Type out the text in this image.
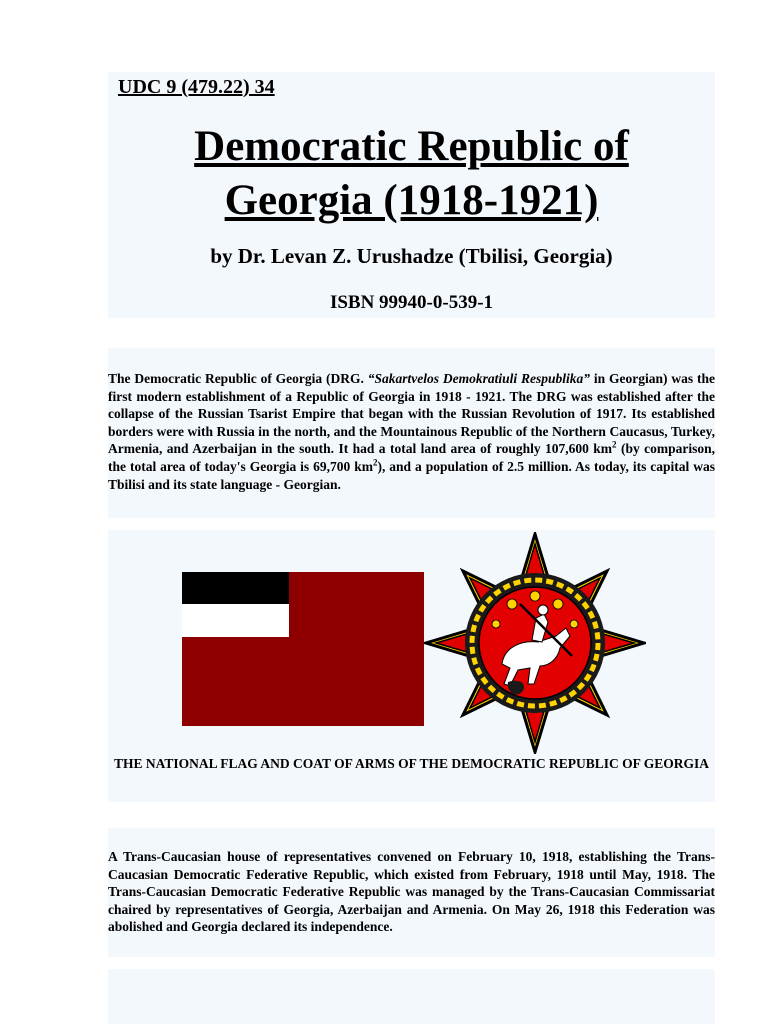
UDC 9 (479.22) 34
Democratic Republic of
Georgia (1918-1921)
by Dr. Levan Z. Urushadze (Tbilisi, Georgia)
ISBN 99940-0-539-1
The Democratic Republic of Georgia (DRG. “Sakartvelos Demokratiuli Respublika” in Georgian) was the first modern establishment of a Republic of Georgia in 1918 - 1921. The DRG was established after the collapse of the Russian Tsarist Empire that began with the Russian Revolution of 1917. Its established borders were with Russia in the north, and the Mountainous Republic of the Northern Caucasus, Turkey, Armenia, and Azerbaijan in the south. It had a total land area of roughly 107,600 $km^2$ (by comparison, the total area of today's Georgia is 69,700 $km^2$), and a population of 2.5 million. As today, its capital was Tbilisi and its state language - Georgian.
THE NATIONAL FLAG AND COAT OF ARMS OF THE DEMOCRATIC REPUBLIC OF GEORGIA
A Trans-Caucasian house of representatives convened on February 10, 1918, establishing the Trans-Caucasian Democratic Federative Republic, which existed from February, 1918 until May, 1918. The Trans-Caucasian Democratic Federative Republic was managed by the Trans-Caucasian Commissariat chaired by representatives of Georgia, Azerbaijan and Armenia. On May 26, 1918 this Federation was abolished and Georgia declared its independence.
